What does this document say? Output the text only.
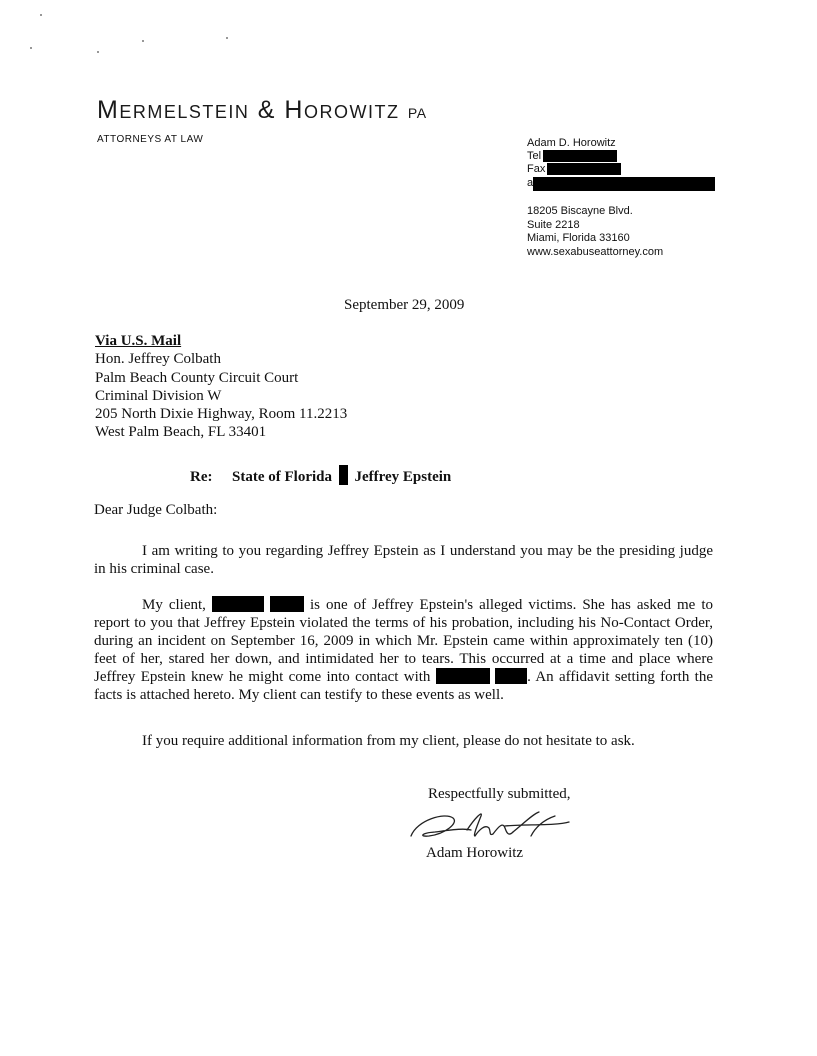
Mermelstein & Horowitz PA
ATTORNEYS AT LAW	Adam D. Horowitz
Tel
Fax
a
18205 Biscayne Blvd.
Suite 2218
Miami, Florida 33160
www.sexabuseattorney.com
September 29, 2009
Via U.S. Mail
Hon. Jeffrey Colbath
Palm Beach County Circuit Court
Criminal Division W
205 North Dixie Highway, Room 11.2213
West Palm Beach, FL 33401
Re: State of Florida Jeffrey Epstein
Dear Judge Colbath:
I am writing to you regarding Jeffrey Epstein as I understand you may be the presiding judge in his criminal case.
My client,	is one of Jeffrey Epstein's alleged victims. She has asked me to report to you that Jeffrey Epstein violated the terms of his probation, including his No-Contact Order, during an incident on September 16, 2009 in which Mr. Epstein came within approximately ten (10) feet of her, stared her down, and intimidated her to tears. This occurred at a time and place where Jeffrey Epstein knew he might come into contact with	. An affidavit setting forth the facts is attached hereto. My client can testify to these events as well.
If you require additional information from my client, please do not hesitate to ask.
Respectfully submitted,
Adam Horowitz
